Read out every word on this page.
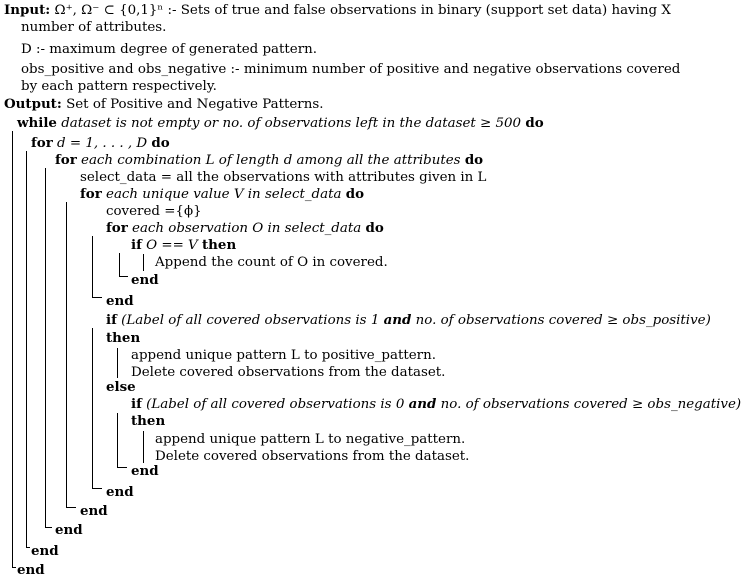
Input: Ω⁺, Ω⁻ ⊂ {0,1}ⁿ :- Sets of true and false observations in binary (support set data) having X
number of attributes.
D :- maximum degree of generated pattern.
obs_positive and obs_negative :- minimum number of positive and negative observations covered
by each pattern respectively.
Output: Set of Positive and Negative Patterns.
while dataset is not empty or no. of observations left in the dataset ≥ 500 do
for d = 1, . . . , D do
for each combination L of length d among all the attributes do
select_data = all the observations with attributes given in L
for each unique value V in select_data do
covered ={ϕ}
for each observation O in select_data do
if O == V then
Append the count of O in covered.
end
end
if (Label of all covered observations is 1 and no. of observations covered ≥ obs_positive)
then
append unique pattern L to positive_pattern.
Delete covered observations from the dataset.
else
if (Label of all covered observations is 0 and no. of observations covered ≥ obs_negative)
then
append unique pattern L to negative_pattern.
Delete covered observations from the dataset.
end
end
end
end
end
end
